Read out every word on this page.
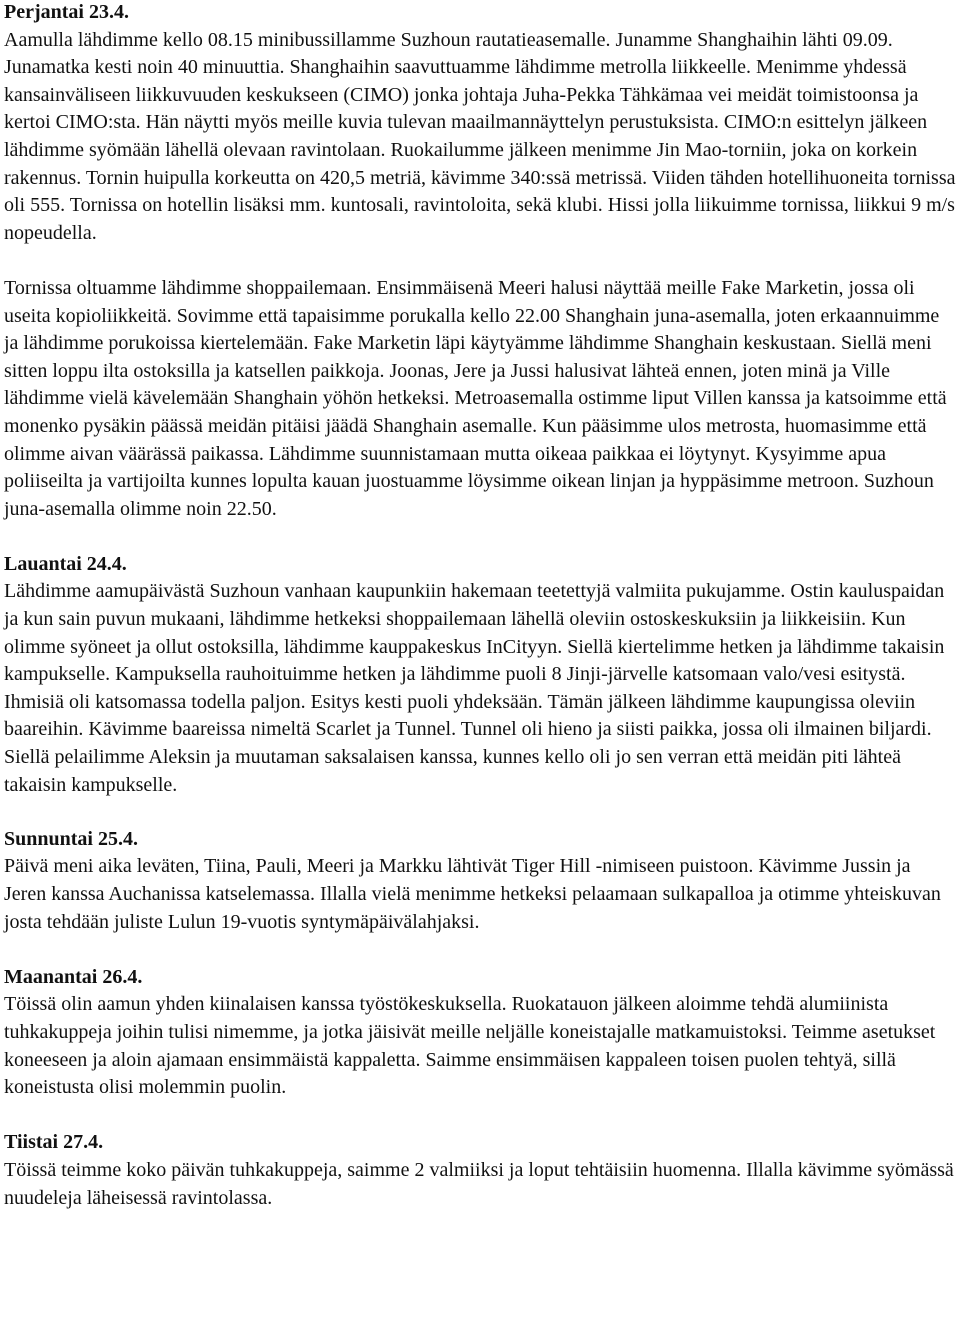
Perjantai 23.4.

Aamulla lähdimme kello 08.15 minibussillamme Suzhoun rautatieasemalle. Junamme Shanghaihin lähti 09.09. Junamatka kesti noin 40 minuuttia. Shanghaihin saavuttuamme lähdimme metrolla liikkeelle. Menimme yhdessä kansainväliseen liikkuvuuden keskukseen (CIMO) jonka johtaja Juha-Pekka Tähkämaa vei meidät toimistoonsa ja kertoi CIMO:sta. Hän näytti myös meille kuvia tulevan maailmannäyttelyn perustuksista. CIMO:n esittelyn jälkeen lähdimme syömään lähellä olevaan ravintolaan. Ruokailumme jälkeen menimme Jin Mao-torniin, joka on korkein rakennus. Tornin huipulla korkeutta on 420,5 metriä, kävimme 340:ssä metrissä. Viiden tähden hotellihuoneita tornissa oli 555. Tornissa on hotellin lisäksi mm. kuntosali, ravintoloita, sekä klubi. Hissi jolla liikuimme tornissa, liikkui 9 m/s nopeudella.

Tornissa oltuamme lähdimme shoppailemaan. Ensimmäisenä Meeri halusi näyttää meille Fake Marketin, jossa oli useita kopioliikkeitä. Sovimme että tapaisimme porukalla kello 22.00 Shanghain juna-asemalla, joten erkaannuimme ja lähdimme porukoissa kiertelemään. Fake Marketin läpi käytyämme lähdimme Shanghain keskustaan. Siellä meni sitten loppu ilta ostoksilla ja katsellen paikkoja. Joonas, Jere ja Jussi halusivat lähteä ennen, joten minä ja Ville lähdimme vielä kävelemään Shanghain yöhön hetkeksi. Metroasemalla ostimme liput Villen kanssa ja katsoimme että monenko pysäkin päässä meidän pitäisi jäädä Shanghain asemalle. Kun pääsimme ulos metrosta, huomasimme että olimme aivan väärässä paikassa. Lähdimme suunnistamaan mutta oikeaa paikkaa ei löytynyt. Kysyimme apua poliiseilta ja vartijoilta kunnes lopulta kauan juostuamme löysimme oikean linjan ja hyppäsimme metroon. Suzhoun juna-asemalla olimme noin 22.50.

Lauantai 24.4.

Lähdimme aamupäivästä Suzhoun vanhaan kaupunkiin hakemaan teetettyjä valmiita pukujamme. Ostin kauluspaidan ja kun sain puvun mukaani, lähdimme hetkeksi shoppailemaan lähellä oleviin ostoskeskuksiin ja liikkeisiin. Kun olimme syöneet ja ollut ostoksilla, lähdimme kauppakeskus InCityyn. Siellä kiertelimme hetken ja lähdimme takaisin kampukselle. Kampuksella rauhoituimme hetken ja lähdimme puoli 8 Jinji-järvelle katsomaan valo/vesi esitystä. Ihmisiä oli katsomassa todella paljon. Esitys kesti puoli yhdeksään. Tämän jälkeen lähdimme kaupungissa oleviin baareihin. Kävimme baareissa nimeltä Scarlet ja Tunnel. Tunnel oli hieno ja siisti paikka, jossa oli ilmainen biljardi. Siellä pelailimme Aleksin ja muutaman saksalaisen kanssa, kunnes kello oli jo sen verran että meidän piti lähteä takaisin kampukselle.

Sunnuntai 25.4.

Päivä meni aika leväten, Tiina, Pauli, Meeri ja Markku lähtivät Tiger Hill -nimiseen puistoon. Kävimme Jussin ja Jeren kanssa Auchanissa katselemassa. Illalla vielä menimme hetkeksi pelaamaan sulkapalloa ja otimme yhteiskuvan josta tehdään juliste Lulun 19-vuotis syntymäpäivälahjaksi.

Maanantai 26.4.

Töissä olin aamun yhden kiinalaisen kanssa työstökeskuksella. Ruokatauon jälkeen aloimme tehdä alumiinista tuhkakuppeja joihin tulisi nimemme, ja jotka jäisivät meille neljälle koneistajalle matkamuistoksi. Teimme asetukset koneeseen ja aloin ajamaan ensimmäistä kappaletta. Saimme ensimmäisen kappaleen toisen puolen tehtyä, sillä koneistusta olisi molemmin puolin.

Tiistai 27.4.

Töissä teimme koko päivän tuhkakuppeja, saimme 2 valmiiksi ja loput tehtäisiin huomenna. Illalla kävimme syömässä nuudeleja läheisessä ravintolassa.
